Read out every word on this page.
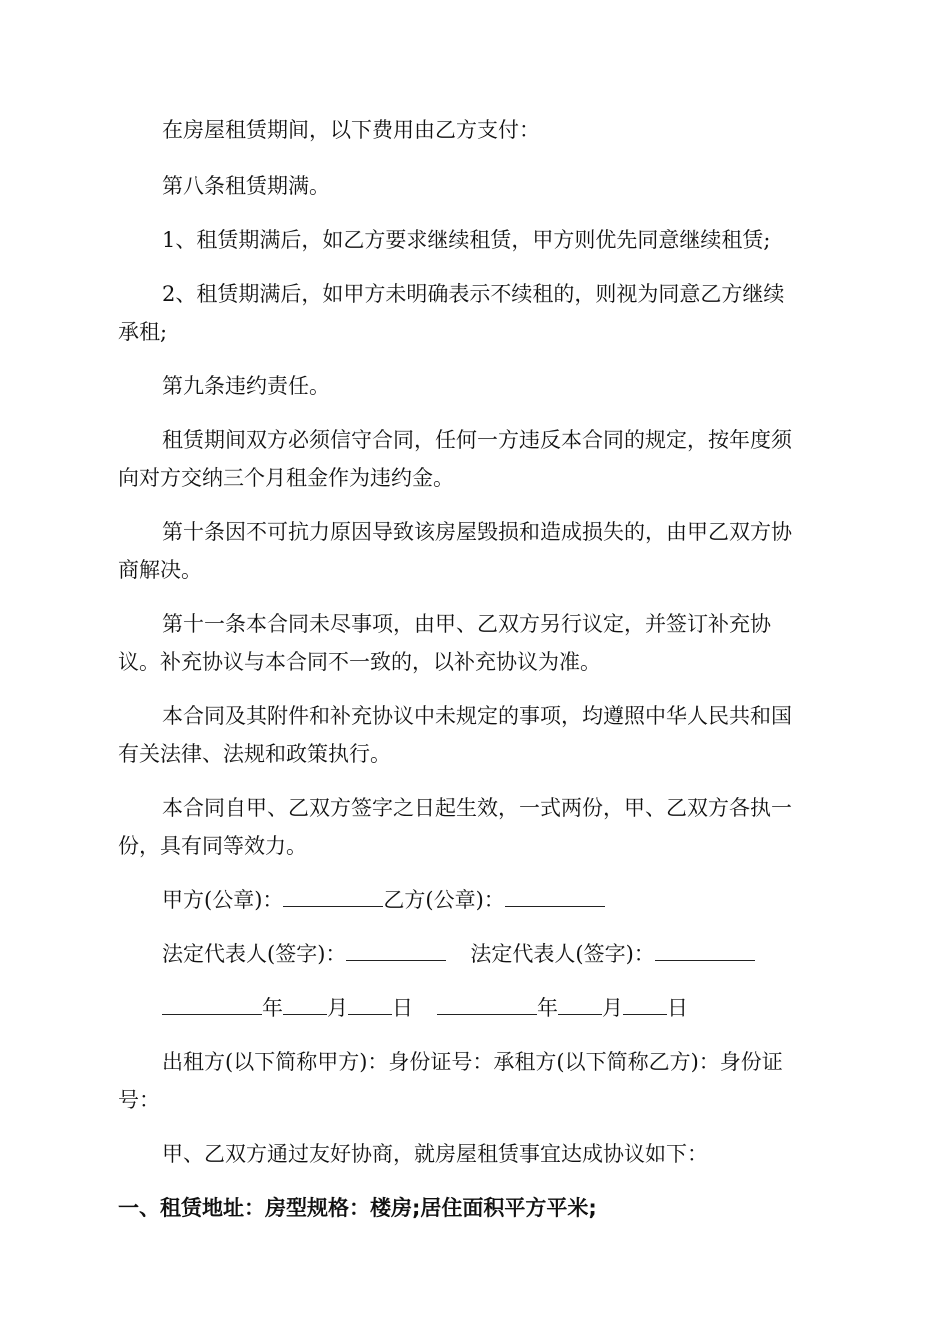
在房屋租赁期间，以下费用由乙方支付：
第八条租赁期满。
1、租赁期满后，如乙方要求继续租赁，甲方则优先同意继续租赁;
2、租赁期满后，如甲方未明确表示不续租的，则视为同意乙方继续
承租;
第九条违约责任。
租赁期间双方必须信守合同，任何一方违反本合同的规定，按年度须
向对方交纳三个月租金作为违约金。
第十条因不可抗力原因导致该房屋毁损和造成损失的，由甲乙双方协
商解决。
第十一条本合同未尽事项，由甲、乙双方另行议定，并签订补充协
议。补充协议与本合同不一致的，以补充协议为准。
本合同及其附件和补充协议中未规定的事项，均遵照中华人民共和国
有关法律、法规和政策执行。
本合同自甲、乙双方签字之日起生效，一式两份，甲、乙双方各执一
份，具有同等效力。
甲方(公章)：	乙方(公章)：
法定代表人(签字)：	法定代表人(签字)：
年 月 日	年 月 日
出租方(以下简称甲方)：身份证号：承租方(以下简称乙方)：身份证
号：
甲、乙双方通过友好协商，就房屋租赁事宜达成协议如下：
一、租赁地址：房型规格：楼房;居住面积平方平米;
